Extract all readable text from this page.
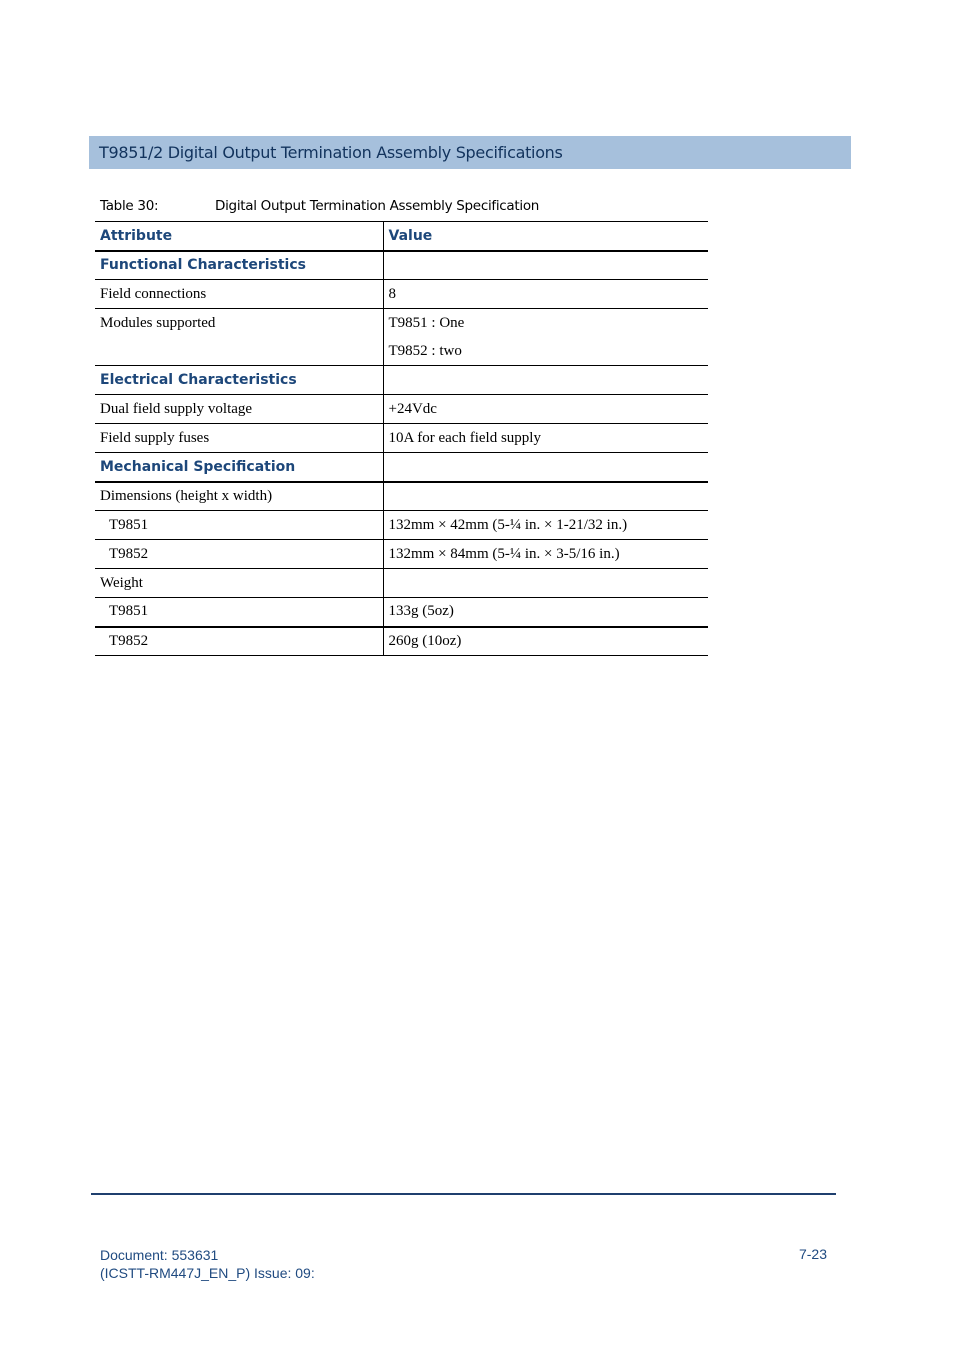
T9851/2 Digital Output Termination Assembly Specifications
Table 30:	Digital Output Termination Assembly Specification
Attribute	Value
Functional Characteristics	
Field connections	8
Modules supported	T9851 : One
T9852 : two

Electrical Characteristics	
Dual field supply voltage	+24Vdc
Field supply fuses	10A for each field supply
Mechanical Specification	
Dimensions (height x width)	
T9851	132mm × 42mm (5-¼ in. × 1-21/32 in.)
T9852	132mm × 84mm (5-¼ in. × 3-5/16 in.)
Weight	
T9851	133g (5oz)
T9852	260g (10oz)
Document: 553631
(ICSTT-RM447J_EN_P) Issue: 09:
7-23
